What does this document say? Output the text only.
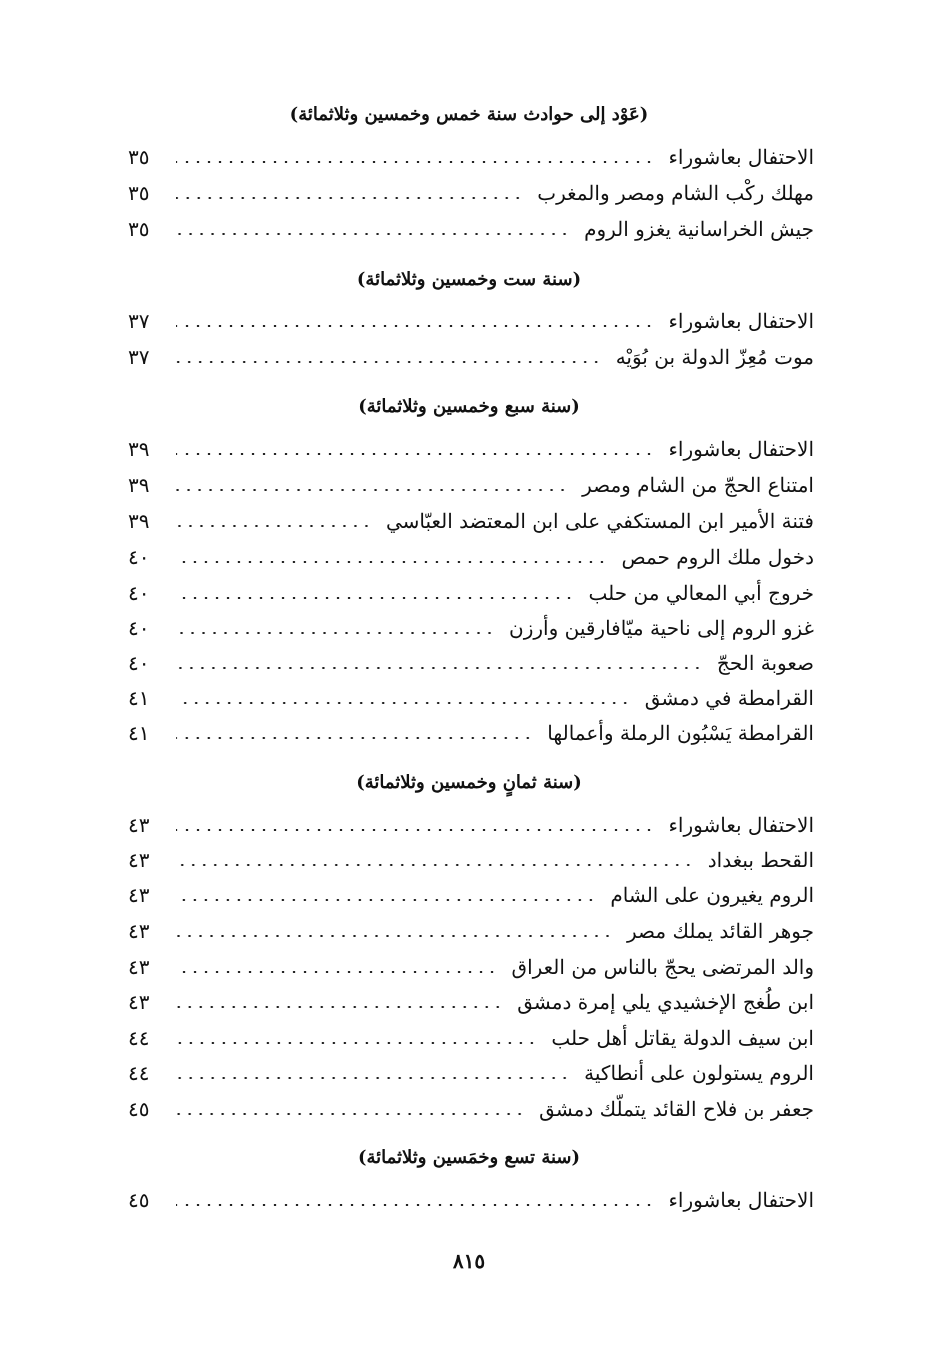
(عَوْد إلى حوادث سنة خمس وخمسين وثلاثمائة)
الاحتفال بعاشوراء
٣٥
مهلك ركْب الشام ومصر والمغرب
٣٥
جيش الخراسانية يغزو الروم
٣٥
(سنة ست وخمسين وثلاثمائة)
الاحتفال بعاشوراء
٣٧
موت مُعِزّ الدولة بن بُوَيْه
٣٧
(سنة سبع وخمسين وثلاثمائة)
الاحتفال بعاشوراء
٣٩
امتناع الحجّ من الشام ومصر
٣٩
فتنة الأمير ابن المستكفي على ابن المعتضد العبّاسي
٣٩
دخول ملك الروم حمص
٤٠
خروج أبي المعالي من حلب
٤٠
غزو الروم إلى ناحية ميّافارقين وأرزن
٤٠
صعوبة الحجّ
٤٠
القرامطة في دمشق
٤١
القرامطة يَسْبُون الرملة وأعمالها
٤١
(سنة ثمانٍ وخمسين وثلاثمائة)
الاحتفال بعاشوراء
٤٣
القحط ببغداد
٤٣
الروم يغيرون على الشام
٤٣
جوهر القائد يملك مصر
٤٣
والد المرتضى يحجّ بالناس من العراق
٤٣
ابن طُغج الإخشيدي يلي إمرة دمشق
٤٣
ابن سيف الدولة يقاتل أهل حلب
٤٤
الروم يستولون على أنطاكية
٤٤
جعفر بن فلاح القائد يتملّك دمشق
٤٥
(سنة تسع وخمَسين وثلاثمائة)
الاحتفال بعاشوراء
٤٥
٨١٥
